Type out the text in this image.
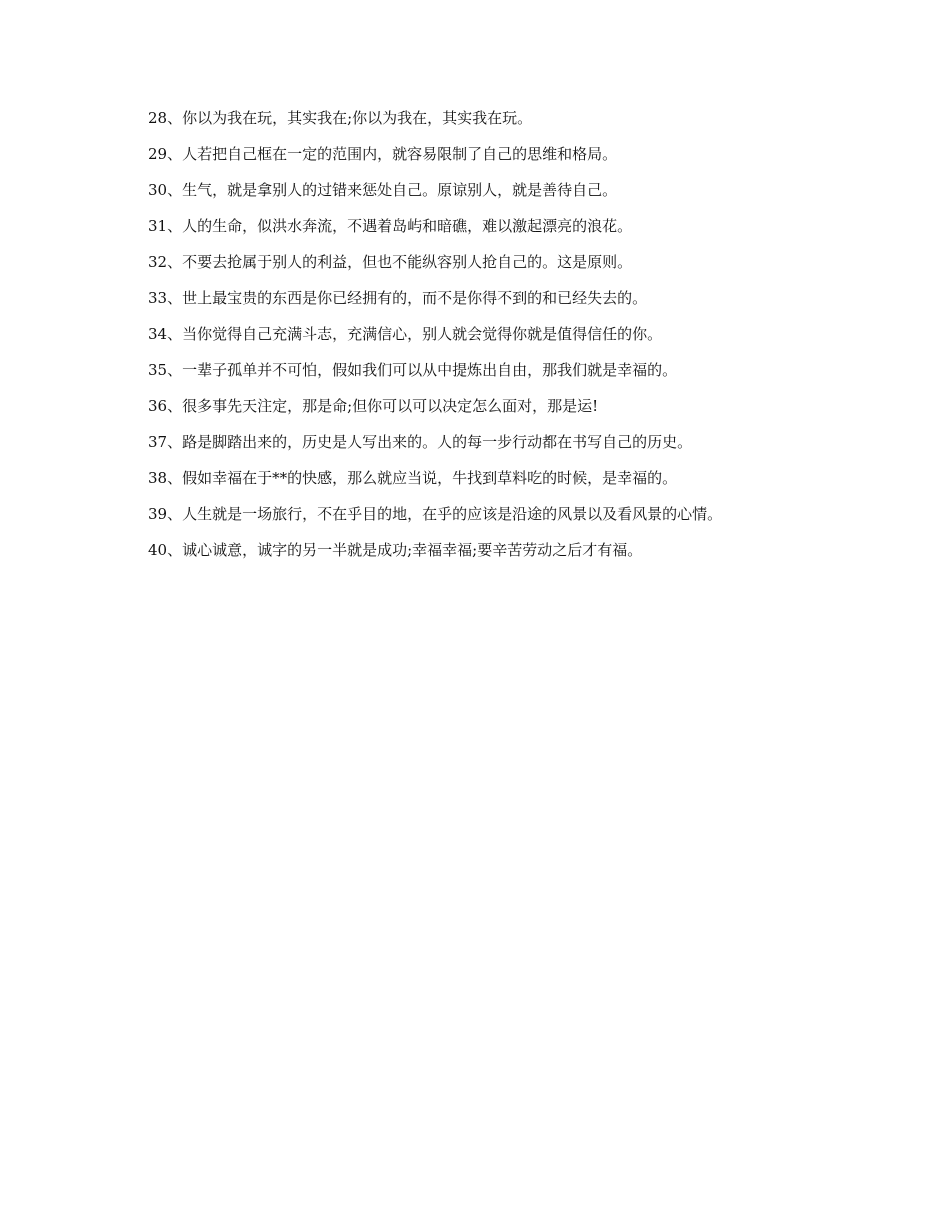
28、你以为我在玩，其实我在;你以为我在，其实我在玩。

29、人若把自己框在一定的范围内，就容易限制了自己的思维和格局。

30、生气，就是拿别人的过错来惩处自己。原谅别人，就是善待自己。

31、人的生命，似洪水奔流，不遇着岛屿和暗礁，难以激起漂亮的浪花。

32、不要去抢属于别人的利益，但也不能纵容别人抢自己的。这是原则。

33、世上最宝贵的东西是你已经拥有的，而不是你得不到的和已经失去的。

34、当你觉得自己充满斗志，充满信心，别人就会觉得你就是值得信任的你。

35、一辈子孤单并不可怕，假如我们可以从中提炼出自由，那我们就是幸福的。

36、很多事先天注定，那是命;但你可以可以决定怎么面对，那是运!

37、路是脚踏出来的，历史是人写出来的。人的每一步行动都在书写自己的历史。

38、假如幸福在于**的快感，那么就应当说，牛找到草料吃的时候，是幸福的。

39、人生就是一场旅行，不在乎目的地，在乎的应该是沿途的风景以及看风景的心情。

40、诚心诚意，诚字的另一半就是成功;幸福幸福;要辛苦劳动之后才有福。
